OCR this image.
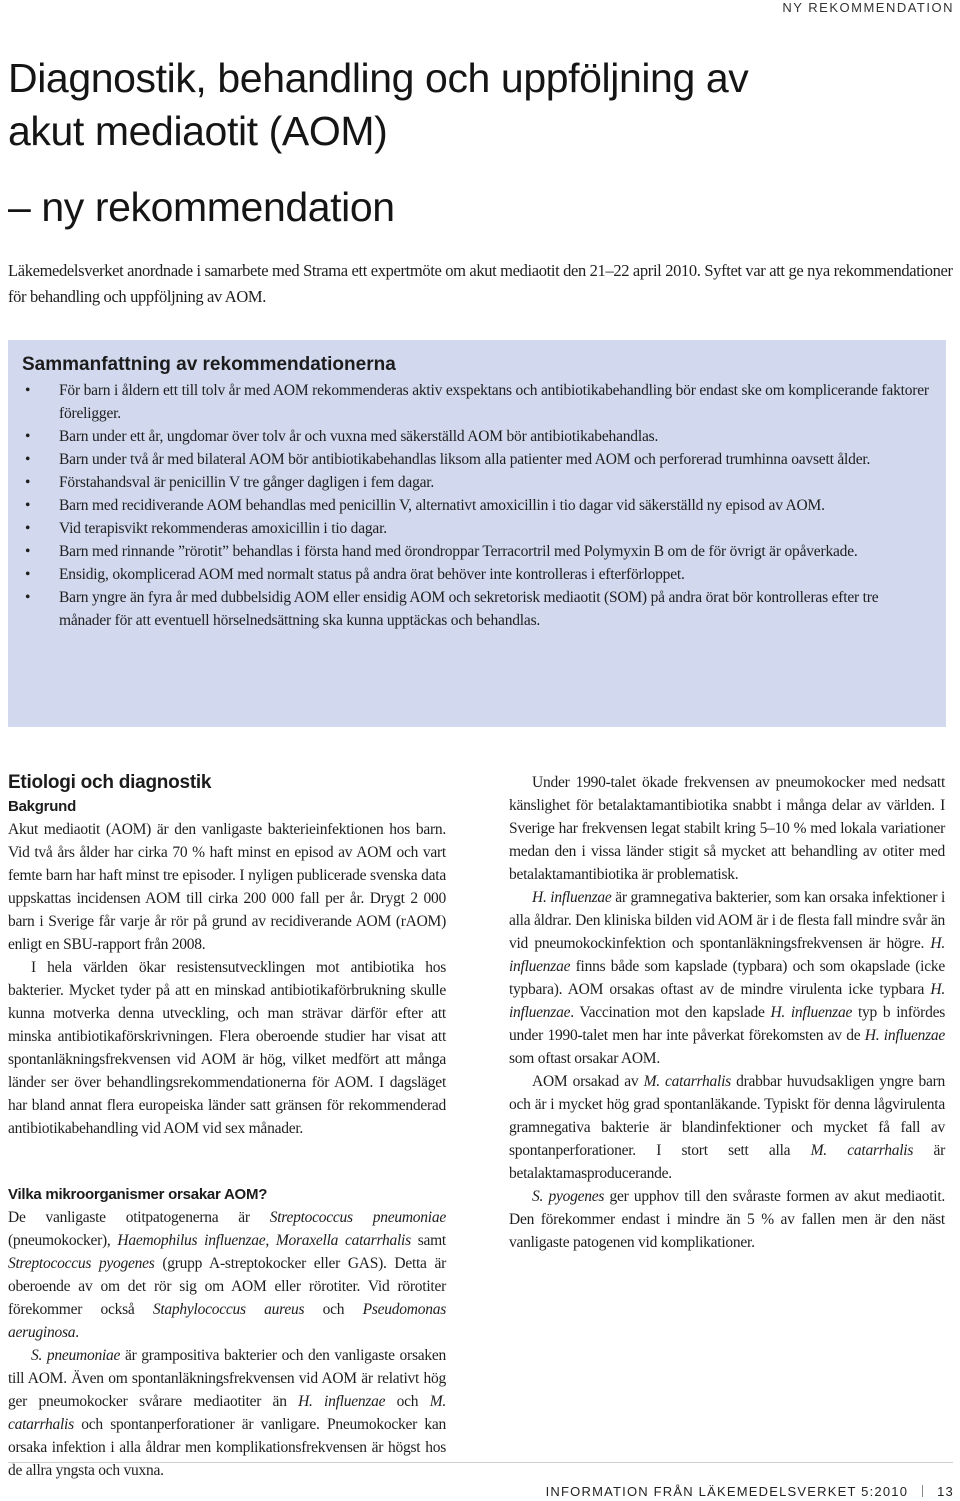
NY REKOMMENDATION
Diagnostik, behandling och uppföljning av
akut mediaotit (AOM)
– ny rekommendation

Läkemedelsverket anordnade i samarbete med Strama ett expertmöte om akut mediaotit den 21–22 april 2010. Syftet var att ge nya rekommendationer för behandling och uppföljning av AOM.

Sammanfattning av rekommendationerna
• För barn i åldern ett till tolv år med AOM rekommenderas aktiv exspektans och antibiotikabehandling bör endast ske om komplicerande faktorer föreligger.
• Barn under ett år, ungdomar över tolv år och vuxna med säkerställd AOM bör antibiotikabehandlas.
• Barn under två år med bilateral AOM bör antibiotikabehandlas liksom alla patienter med AOM och perforerad trumhinna oavsett ålder.
• Förstahandsval är penicillin V tre gånger dagligen i fem dagar.
• Barn med recidiverande AOM behandlas med penicillin V, alternativt amoxicillin i tio dagar vid säkerställd ny episod av AOM.
• Vid terapisvikt rekommenderas amoxicillin i tio dagar.
• Barn med rinnande ”rörotit” behandlas i första hand med örondroppar Terracortril med Polymyxin B om de för övrigt är opåverkade.
• Ensidig, okomplicerad AOM med normalt status på andra örat behöver inte kontrolleras i efterförloppet.
• Barn yngre än fyra år med dubbelsidig AOM eller ensidig AOM och sekretorisk mediaotit (SOM) på andra örat bör kontrolleras efter tre månader för att eventuell hörselnedsättning ska kunna upptäckas och behandlas.
Etiologi och diagnostik
Bakgrund

Akut mediaotit (AOM) är den vanligaste bakterieinfektionen hos barn. Vid två års ålder har cirka 70 % haft minst en episod av AOM och vart femte barn har haft minst tre episoder. I nyligen publicerade svenska data uppskattas incidensen AOM till cirka 200 000 fall per år. Drygt 2 000 barn i Sverige får varje år rör på grund av recidiverande AOM (rAOM) enligt en SBU-rapport från 2008.

I hela världen ökar resistensutvecklingen mot antibiotika hos bakterier. Mycket tyder på att en minskad antibiotikaförbrukning skulle kunna motverka denna utveckling, och man strävar därför efter att minska antibiotikaförskrivningen. Flera oberoende studier har visat att spontanläkningsfrekvensen vid AOM är hög, vilket medfört att många länder ser över behandlingsrekommendationerna för AOM. I dagsläget har bland annat flera europeiska länder satt gränsen för rekommenderad antibiotikabehandling vid AOM vid sex månader.

Vilka mikroorganismer orsakar AOM?

De vanligaste otitpatogenerna är Streptococcus pneumoniae (pneumokocker), Haemophilus influenzae, Moraxella catarrhalis samt Streptococcus pyogenes (grupp A-streptokocker eller GAS). Detta är oberoende av om det rör sig om AOM eller rörotiter. Vid rörotiter förekommer också Staphylococcus aureus och Pseudomonas aeruginosa.

S. pneumoniae är grampositiva bakterier och den vanligaste orsaken till AOM. Även om spontanläkningsfrekvensen vid AOM är relativt hög ger pneumokocker svårare mediaotiter än H. influenzae och M. catarrhalis och spontanperforationer är vanligare. Pneumokocker kan orsaka infektion i alla åldrar men komplikationsfrekvensen är högst hos de allra yngsta och vuxna.

Under 1990-talet ökade frekvensen av pneumokocker med nedsatt känslighet för betalaktamantibiotika snabbt i många delar av världen. I Sverige har frekvensen legat stabilt kring 5–10 % med lokala variationer medan den i vissa länder stigit så mycket att behandling av otiter med betalaktamantibiotika är problematisk.

H. influenzae är gramnegativa bakterier, som kan orsaka infektioner i alla åldrar. Den kliniska bilden vid AOM är i de flesta fall mindre svår än vid pneumokockinfektion och spontanläkningsfrekvensen är högre. H. influenzae finns både som kapslade (typbara) och som okapslade (icke typbara). AOM orsakas oftast av de mindre virulenta icke typbara H. influenzae. Vaccination mot den kapslade H. influenzae typ b infördes under 1990-talet men har inte påverkat förekomsten av de H. influenzae som oftast orsakar AOM.

AOM orsakad av M. catarrhalis drabbar huvudsakligen yngre barn och är i mycket hög grad spontanläkande. Typiskt för denna lågvirulenta gramnegativa bakterie är blandinfektioner och mycket få fall av spontanperforationer. I stort sett alla M. catarrhalis är betalaktamasproducerande.

S. pyogenes ger upphov till den svåraste formen av akut mediaotit. Den förekommer endast i mindre än 5 % av fallen men är den näst vanligaste patogenen vid komplikationer.

INFORMATION FRÅN LÄKEMEDELSVERKET 5:2010 13
